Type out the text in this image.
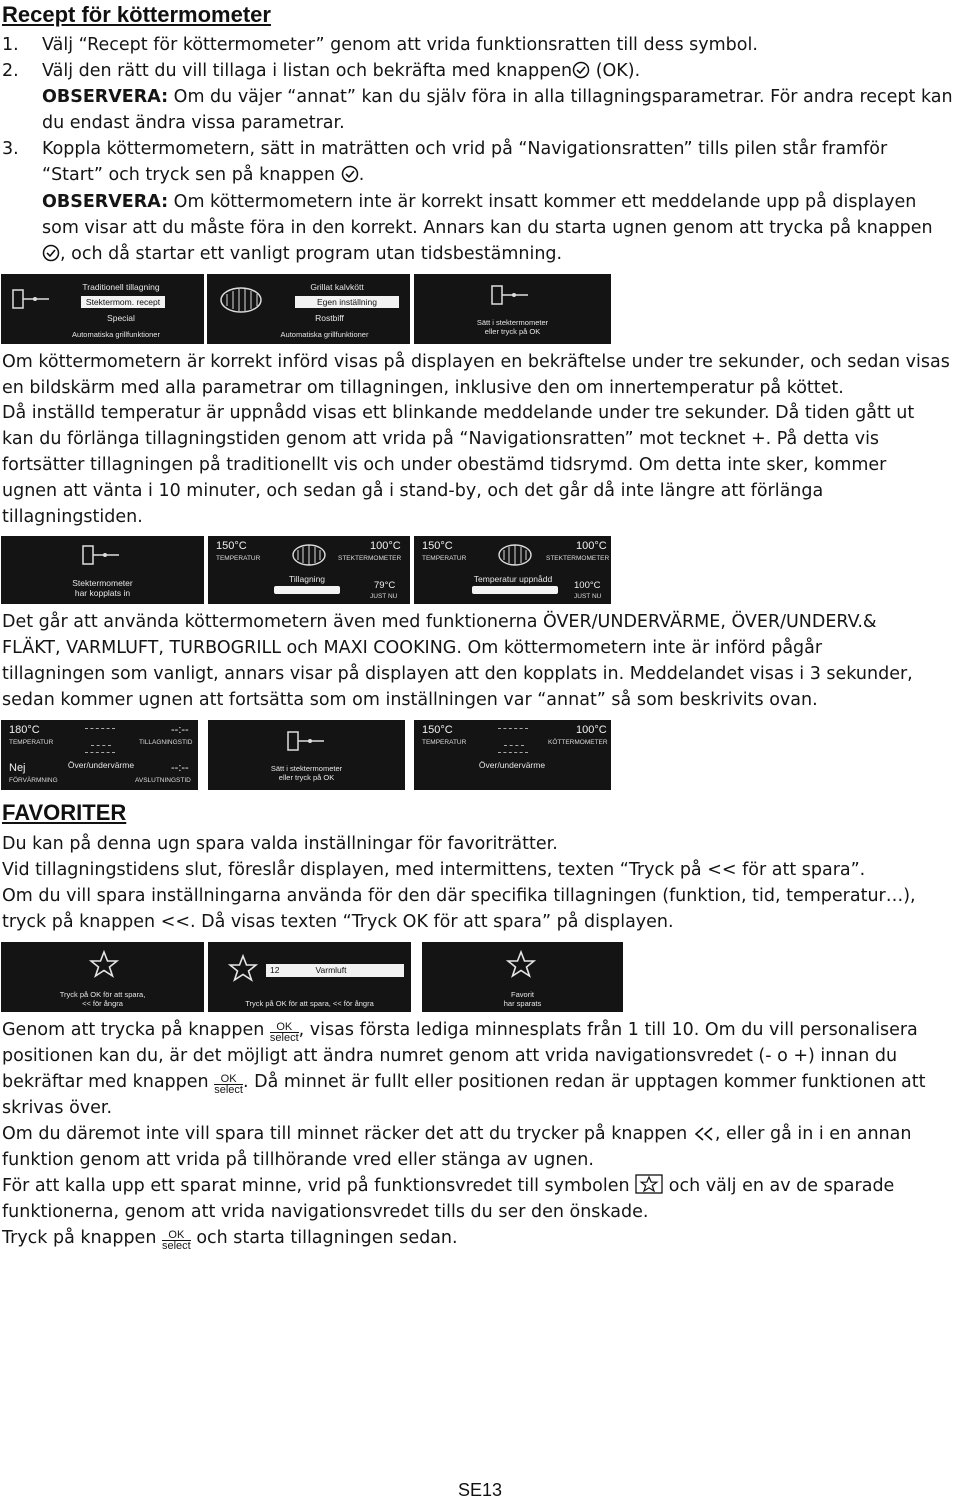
Recept för köttermometer
1. Välj “Recept för köttermometer” genom att vrida funktionsratten till dess symbol.
2. Välj den rätt du vill tillaga i listan och bekräfta med knappen (OK).
OBSERVERA: Om du väjer “annat” kan du själv föra in alla tillagningsparametrar. För andra recept kan
du endast ändra vissa parametrar.
3. Koppla köttermometern, sätt in maträtten och vrid på “Navigationsratten” tills pilen står framför
“Start” och tryck sen på knappen .
OBSERVERA: Om köttermometern inte är korrekt insatt kommer ett meddelande upp på displayen
som visar att du måste föra in den korrekt. Annars kan du starta ugnen genom att trycka på knappen
, och då startar ett vanligt program utan tidsbestämning.
Traditionell tillagning
Stektermom. recept
Special
Automatiska grillfunktioner
Grillat kalvkött
Egen inställning
Rostbiff
Automatiska grillfunktioner
Sätt i stektermometer
eller tryck på OK
Om köttermometern är korrekt införd visas på displayen en bekräftelse under tre sekunder, och sedan visas
en bildskärm med alla parametrar om tillagningen, inklusive den om innertemperatur på köttet.
Då inställd temperatur är uppnådd visas ett blinkande meddelande under tre sekunder. Då tiden gått ut
kan du förlänga tillagningstiden genom att vrida på “Navigationsratten” mot tecknet +. På detta vis
fortsätter tillagningen på traditionellt vis och under obestämd tidsrymd. Om detta inte sker, kommer
ugnen att vänta i 10 minuter, och sedan gå i stand-by, och det går då inte längre att förlänga
tillagningstiden.
Stektermometer
har kopplats in
150°C
TEMPERATUR
100°C
STEKTERMOMETER
Tillagning
79°C
JUST NU
150°C
TEMPERATUR
100°C
STEKTERMOMETER
Temperatur uppnådd
100°C
JUST NU
Det går att använda köttermometern även med funktionerna ÖVER/UNDERVÄRME, ÖVER/UNDERV.&
FLÄKT, VARMLUFT, TURBOGRILL och MAXI COOKING. Om köttermometern inte är införd pågår
tillagningen som vanligt, annars visar på displayen att den kopplats in. Meddelandet visas i 3 sekunder,
sedan kommer ugnen att fortsätta som om inställningen var “annat” så som beskrivits ovan.
180°C
TEMPERATUR
--:--
TILLAGNINGSTID
Nej
FÖRVÄRMNING
Över/undervärme	--:--
AVSLUTNINGSTID
Sätt i stektermometer
eller tryck på OK
150°C
TEMPERATUR
100°C
KÖTTERMOMETER
Över/undervärme
FAVORITER
Du kan på denna ugn spara valda inställningar för favoriträtter.
Vid tillagningstidens slut, föreslår displayen, med intermittens, texten “Tryck på << för att spara”.
Om du vill spara inställningarna använda för den där specifika tillagningen (funktion, tid, temperatur…),
tryck på knappen <<. Då visas texten “Tryck OK för att spara” på displayen.
Tryck på OK för att spara,
<< för ångra
12	Varmluft
Tryck på OK för att spara, << för ångra
Favorit
har sparats
Genom att trycka på knappen	OK
select , visas första lediga minnesplats från 1 till 10. Om du vill personalisera
positionen kan du, är det möjligt att ändra numret genom att vrida navigationsvredet (- o +) innan du
bekräftar med knappen	OK
select . Då minnet är fullt eller positionen redan är upptagen kommer funktionen att
skrivas över.
Om du däremot inte vill spara till minnet räcker det att du trycker på knappen , eller gå in i en annan
funktion genom att vrida på tillhörande vred eller stänga av ugnen.
För att kalla upp ett sparat minne, vrid på funktionsvredet till symbolen och välj en av de sparade
funktionerna, genom att vrida navigationsvredet tills du ser den önskade.
Tryck på knappen	OK
select och starta tillagningen sedan.
SE13
